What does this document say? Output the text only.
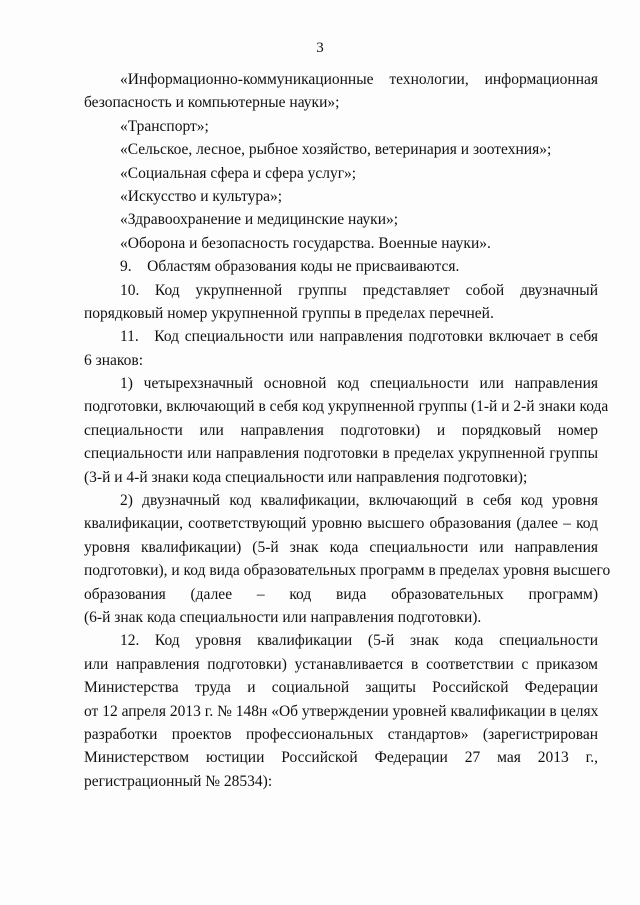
3
«Информационно-коммуникационные технологии, информационная
безопасность и компьютерные науки»;
«Транспорт»;
«Сельское, лесное, рыбное хозяйство, ветеринария и зоотехния»;
«Социальная сфера и сфера услуг»;
«Искусство и культура»;
«Здравоохранение и медицинские науки»;
«Оборона и безопасность государства. Военные науки».
9. Областям образования коды не присваиваются.
10. Код укрупненной группы представляет собой двузначный
порядковый номер укрупненной группы в пределах перечней.
11. Код специальности или направления подготовки включает в себя
6 знаков:
1) четырехзначный основной код специальности или направления
подготовки, включающий в себя код укрупненной группы (1-й и 2-й знаки кода
специальности или направления подготовки) и порядковый номер
специальности или направления подготовки в пределах укрупненной группы
(3-й и 4-й знаки кода специальности или направления подготовки);
2) двузначный код квалификации, включающий в себя код уровня
квалификации, соответствующий уровню высшего образования (далее – код
уровня квалификации) (5-й знак кода специальности или направления
подготовки), и код вида образовательных программ в пределах уровня высшего
образования (далее – код вида образовательных программ)
(6-й знак кода специальности или направления подготовки).
12. Код уровня квалификации (5-й знак кода специальности
или направления подготовки) устанавливается в соответствии с приказом
Министерства труда и социальной защиты Российской Федерации
от 12 апреля 2013 г. № 148н «Об утверждении уровней квалификации в целях
разработки проектов профессиональных стандартов» (зарегистрирован
Министерством юстиции Российской Федерации 27 мая 2013 г.,
регистрационный № 28534):
